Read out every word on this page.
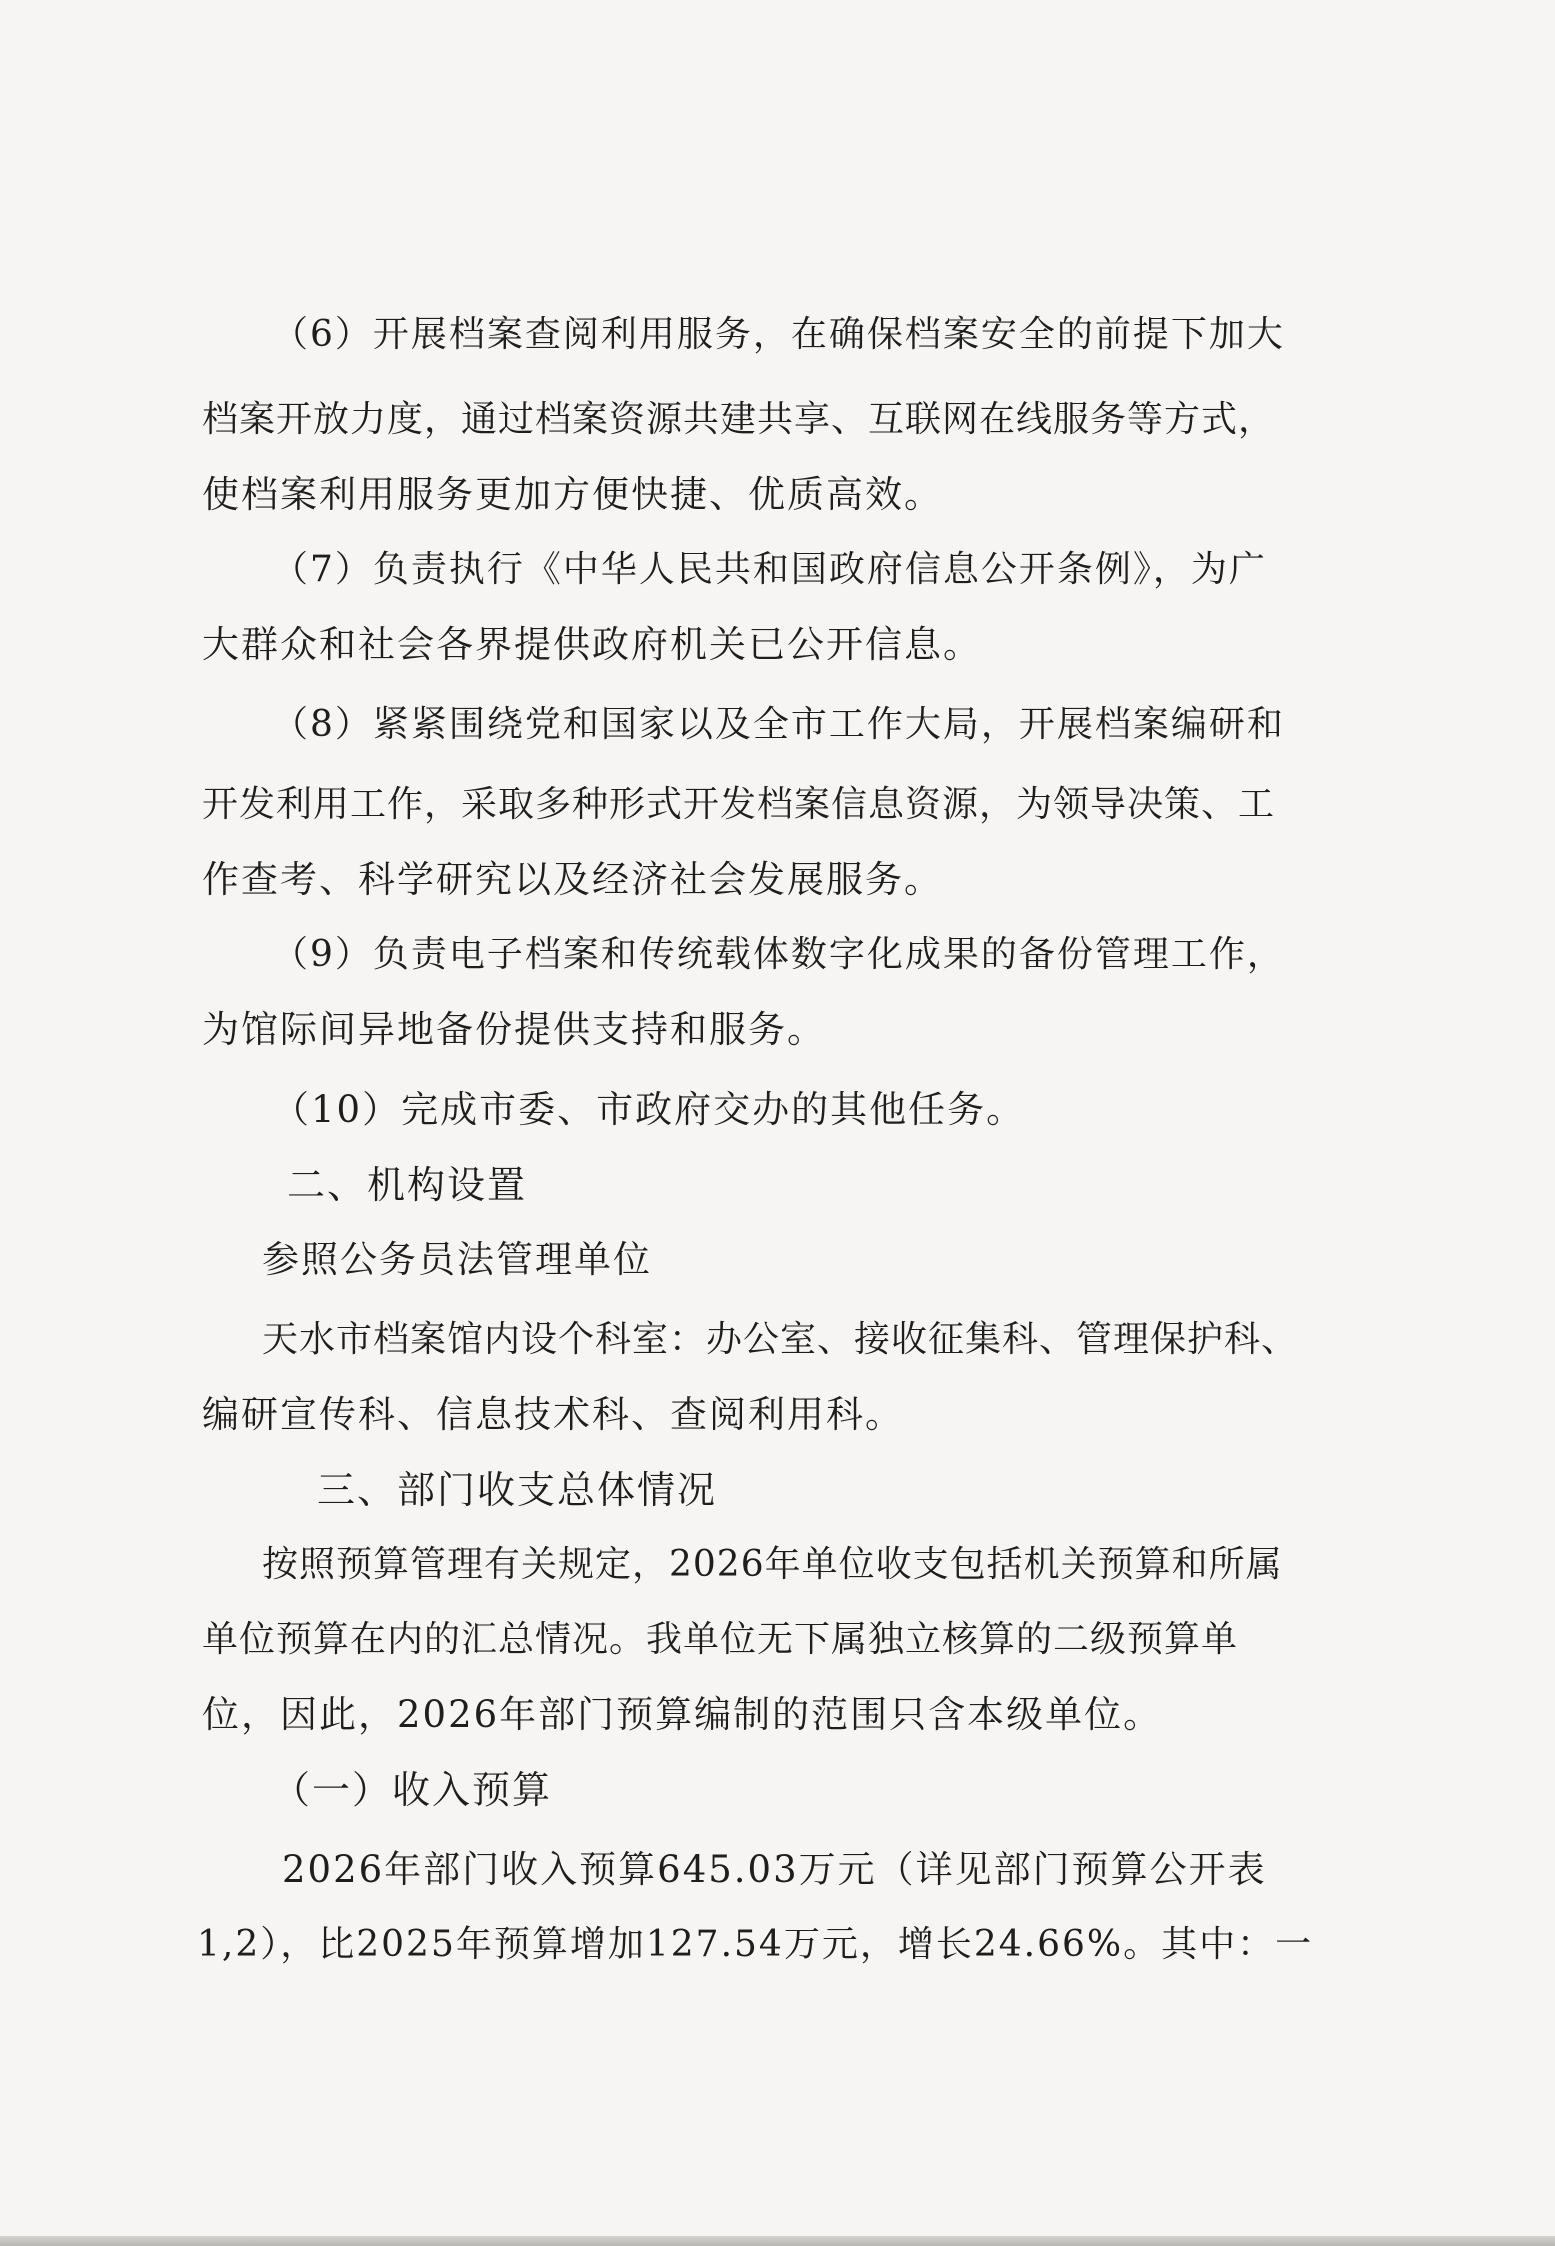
（6）开展档案查阅利用服务，在确保档案安全的前提下加大
档案开放力度，通过档案资源共建共享、互联网在线服务等方式，
使档案利用服务更加方便快捷、优质高效。
（7）负责执行《中华人民共和国政府信息公开条例》，为广
大群众和社会各界提供政府机关已公开信息。
（8）紧紧围绕党和国家以及全市工作大局，开展档案编研和
开发利用工作，采取多种形式开发档案信息资源，为领导决策、工
作查考、科学研究以及经济社会发展服务。
（9）负责电子档案和传统载体数字化成果的备份管理工作，
为馆际间异地备份提供支持和服务。
（10）完成市委、市政府交办的其他任务。
二、机构设置
参照公务员法管理单位
天水市档案馆内设个科室：办公室、接收征集科、管理保护科、
编研宣传科、信息技术科、查阅利用科。
三、部门收支总体情况
按照预算管理有关规定，2026年单位收支包括机关预算和所属
单位预算在内的汇总情况。我单位无下属独立核算的二级预算单
位，因此，2026年部门预算编制的范围只含本级单位。
（一）收入预算
2026年部门收入预算645.03万元（详见部门预算公开表
1,2），比2025年预算增加127.54万元，增长24.66%。其中：一
